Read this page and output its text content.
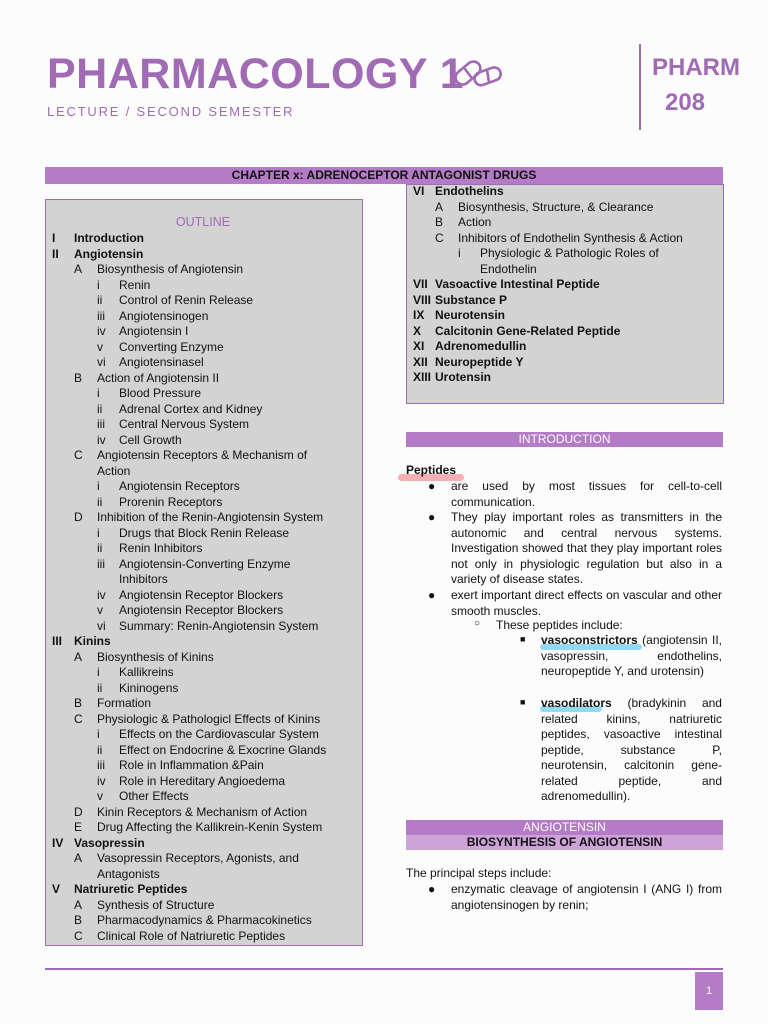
PHARMACOLOGY 1
LECTURE / SECOND SEMESTER
PHARM
208
CHAPTER x: ADRENOCEPTOR ANTAGONIST DRUGS
OUTLINE
I Introduction
II Angiotensin
A Biosynthesis of Angiotensin
i Renin
ii Control of Renin Release
iii Angiotensinogen
iv Angiotensin I
v Converting Enzyme
vi Angiotensinasel
B Action of Angiotensin II
i Blood Pressure
ii Adrenal Cortex and Kidney
iii Central Nervous System
iv Cell Growth
C Angiotensin Receptors & Mechanism of
Action
i Angiotensin Receptors
ii Prorenin Receptors
D Inhibition of the Renin-Angiotensin System
i Drugs that Block Renin Release
ii Renin Inhibitors
iii Angiotensin-Converting Enzyme
Inhibitors
iv Angiotensin Receptor Blockers
v Angiotensin Receptor Blockers
vi Summary: Renin-Angiotensin System
III Kinins
A Biosynthesis of Kinins
i Kallikreins
ii Kininogens
B Formation
C Physiologic & Pathologicl Effects of Kinins
i Effects on the Cardiovascular System
ii Effect on Endocrine & Exocrine Glands
iii Role in Inflammation &Pain
iv Role in Hereditary Angioedema
v Other Effects
D Kinin Receptors & Mechanism of Action
E Drug Affecting the Kallikrein-Kenin System
IV Vasopressin
A Vasopressin Receptors, Agonists, and
Antagonists
V Natriuretic Peptides
A Synthesis of Structure
B Pharmacodynamics & Pharmacokinetics
C Clinical Role of Natriuretic Peptides
VI Endothelins
A Biosynthesis, Structure, & Clearance
B Action
C Inhibitors of Endothelin Synthesis & Action
i Physiologic & Pathologic Roles of
Endothelin
VII Vasoactive Intestinal Peptide
VIII Substance P
IX Neurotensin
X Calcitonin Gene-Related Peptide
XI Adrenomedullin
XII Neuropeptide Y
XIII Urotensin
INTRODUCTION
Peptides
● are used by most tissues for cell-to-cell communication.
● They play important roles as transmitters in the autonomic and central nervous systems. Investigation showed that they play important roles not only in physiologic regulation but also in a variety of disease states.
● exert important direct effects on vascular and other smooth muscles.
○ These peptides include:
■ vasoconstrictors (angiotensin II, vasopressin, endothelins, neuropeptide Y, and urotensin)
■ vasodilators (bradykinin and related kinins, natriuretic peptides, vasoactive intestinal peptide, substance P, neurotensin, calcitonin gene-related peptide, and adrenomedullin).
ANGIOTENSIN
BIOSYNTHESIS OF ANGIOTENSIN
The principal steps include:
● enzymatic cleavage of angiotensin I (ANG I) from angiotensinogen by renin;
1
